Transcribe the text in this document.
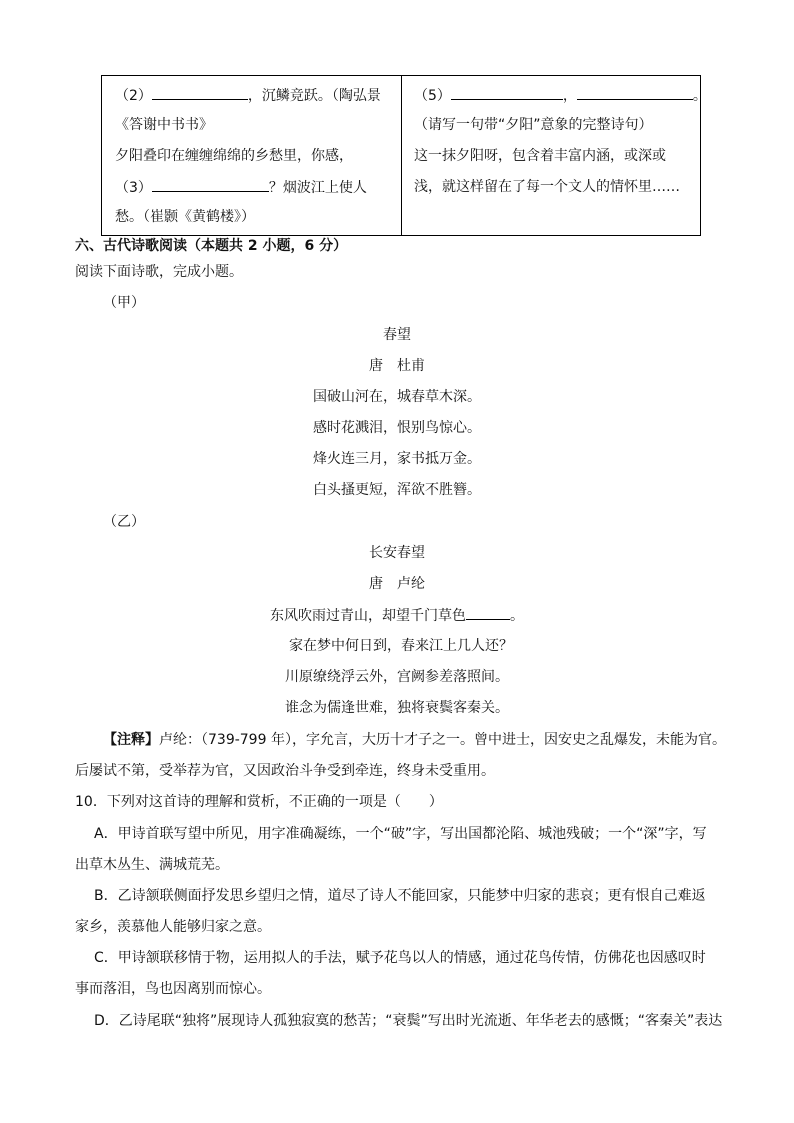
（2）	，沉鳞竞跃。（陶弘景
《答谢中书书》
夕阳叠印在缠缠绵绵的乡愁里，你感，
（3）	？烟波江上使人
愁。（崔颢《黄鹤楼》）
（5）	，	。
（请写一句带“夕阳”意象的完整诗句）
这一抹夕阳呀，包含着丰富内涵，或深或
浅，就这样留在了每一个文人的情怀里……
六、古代诗歌阅读（本题共 2 小题，6 分）
阅读下面诗歌，完成小题。
（甲）
春望
唐　杜甫
国破山河在，城春草木深。
感时花溅泪，恨别鸟惊心。
烽火连三月，家书抵万金。
白头搔更短，浑欲不胜簪。
（乙）
长安春望
唐　卢纶
东风吹雨过青山，却望千门草色	。
家在梦中何日到，春来江上几人还？
川原缭绕浮云外，宫阙参差落照间。
谁念为儒逢世难，独将衰鬓客秦关。
【注释】卢纶：（739-799 年），字允言，大历十才子之一。曾中进士，因安史之乱爆发，未能为官。
后屡试不第，受举荐为官，又因政治斗争受到牵连，终身未受重用。
10．下列对这首诗的理解和赏析，不正确的一项是（　　）
A．甲诗首联写望中所见，用字准确凝练，一个“破”字，写出国都沦陷、城池残破；一个“深”字，写
出草木丛生、满城荒芜。
B．乙诗颔联侧面抒发思乡望归之情，道尽了诗人不能回家，只能梦中归家的悲哀；更有恨自己难返
家乡，羡慕他人能够归家之意。
C．甲诗颔联移情于物，运用拟人的手法，赋予花鸟以人的情感，通过花鸟传情，仿佛花也因感叹时
事而落泪，鸟也因离别而惊心。
D．乙诗尾联“独将”展现诗人孤独寂寞的愁苦；“衰鬓”写出时光流逝、年华老去的感慨；“客秦关”表达
